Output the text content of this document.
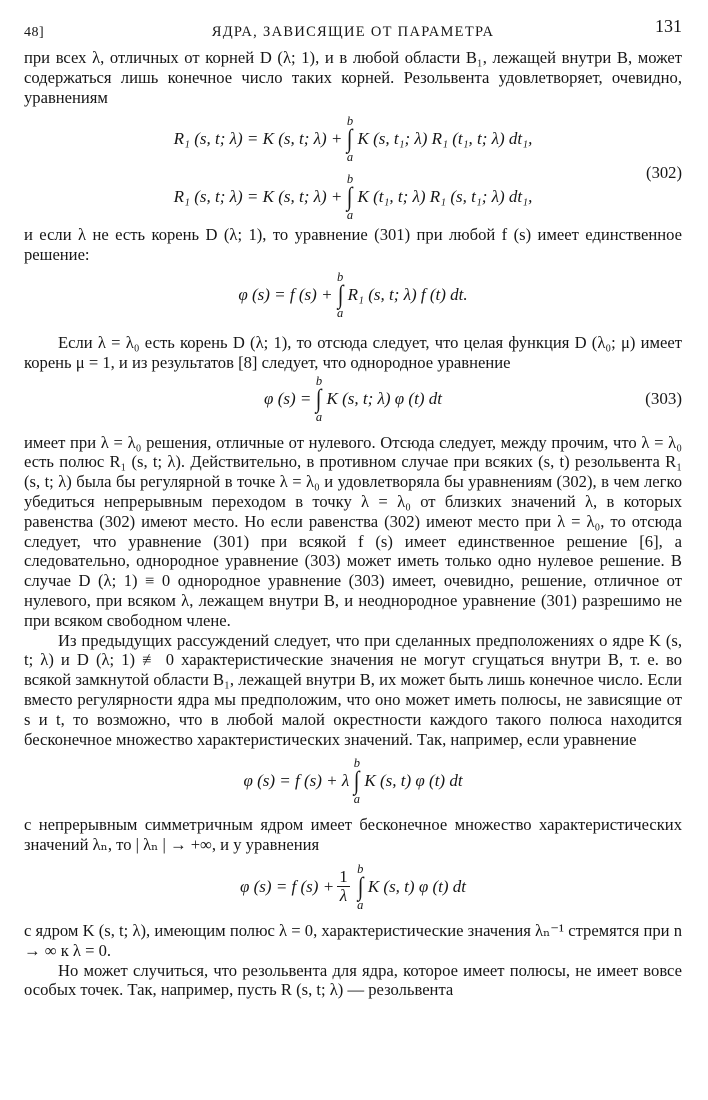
48]	ЯДРА, ЗАВИСЯЩИЕ ОТ ПАРАМЕТРА	131

при всех λ, отличных от корней D (λ; 1), и в любой области B₁, лежащей внутри B, может содержаться лишь конечное число таких корней. Резольвента удовлетворяет, очевидно, уравнениям

R₁ (s, t; λ) = K (s, t; λ) +
b
∫
a
K (s, t₁; λ) R₁ (t₁, t; λ) dt₁,
(302)
R₁ (s, t; λ) = K (s, t; λ) +
b
∫
a
K (t₁, t; λ) R₁ (s, t₁; λ) dt₁,

и если λ не есть корень D (λ; 1), то уравнение (301) при любой f (s) имеет единственное решение:

φ (s) = f (s) +
b
∫
a
R₁ (s, t; λ) f (t) dt.

Если λ = λ₀ есть корень D (λ; 1), то отсюда следует, что целая функция D (λ₀; μ) имеет корень μ = 1, и из результатов [8] следует, что однородное уравнение

φ (s) =
b
∫
a
K (s, t; λ) φ (t) dt	(303)

имеет при λ = λ₀ решения, отличные от нулевого. Отсюда следует, между прочим, что λ = λ₀ есть полюс R₁ (s, t; λ). Действительно, в противном случае при всяких (s, t) резольвента R₁ (s, t; λ) была бы регулярной в точке λ = λ₀ и удовлетворяла бы уравнениям (302), в чем легко убедиться непрерывным переходом в точку λ = λ₀ от близких значений λ, в которых равенства (302) имеют место. Но если равенства (302) имеют место при λ = λ₀, то отсюда следует, что уравнение (301) при всякой f (s) имеет единственное решение [6], а следовательно, однородное уравнение (303) может иметь только одно нулевое решение. В случае D (λ; 1) ≡ 0 однородное уравнение (303) имеет, очевидно, решение, отличное от нулевого, при всяком λ, лежащем внутри B, и неоднородное уравнение (301) разрешимо не при всяком свободном члене.

Из предыдущих рассуждений следует, что при сделанных предположениях о ядре K (s, t; λ) и D (λ; 1) ≢ 0 характеристические значения не могут сгущаться внутри B, т. е. во всякой замкнутой области B₁, лежащей внутри B, их может быть лишь конечное число. Если вместо регулярности ядра мы предположим, что оно может иметь полюсы, не зависящие от s и t, то возможно, что в любой малой окрестности каждого такого полюса находится бесконечное множество характеристических значений. Так, например, если уравнение

φ (s) = f (s) + λ
b
∫
a
K (s, t) φ (t) dt

с непрерывным симметричным ядром имеет бесконечное множество характеристических значений λₙ, то | λₙ | → +∞, и у уравнения

φ (s) = f $(s) + \frac{1}{\lambda}$ b
∫
a
K (s, t) φ (t) dt

с ядром K (s, t; λ), имеющим полюс λ = 0, характеристические значения λₙ⁻¹ стремятся при n → ∞ к λ = 0.

Но может случиться, что резольвента для ядра, которое имеет полюсы, не имеет вовсе особых точек. Так, например, пусть R (s, t; λ) — резольвента
